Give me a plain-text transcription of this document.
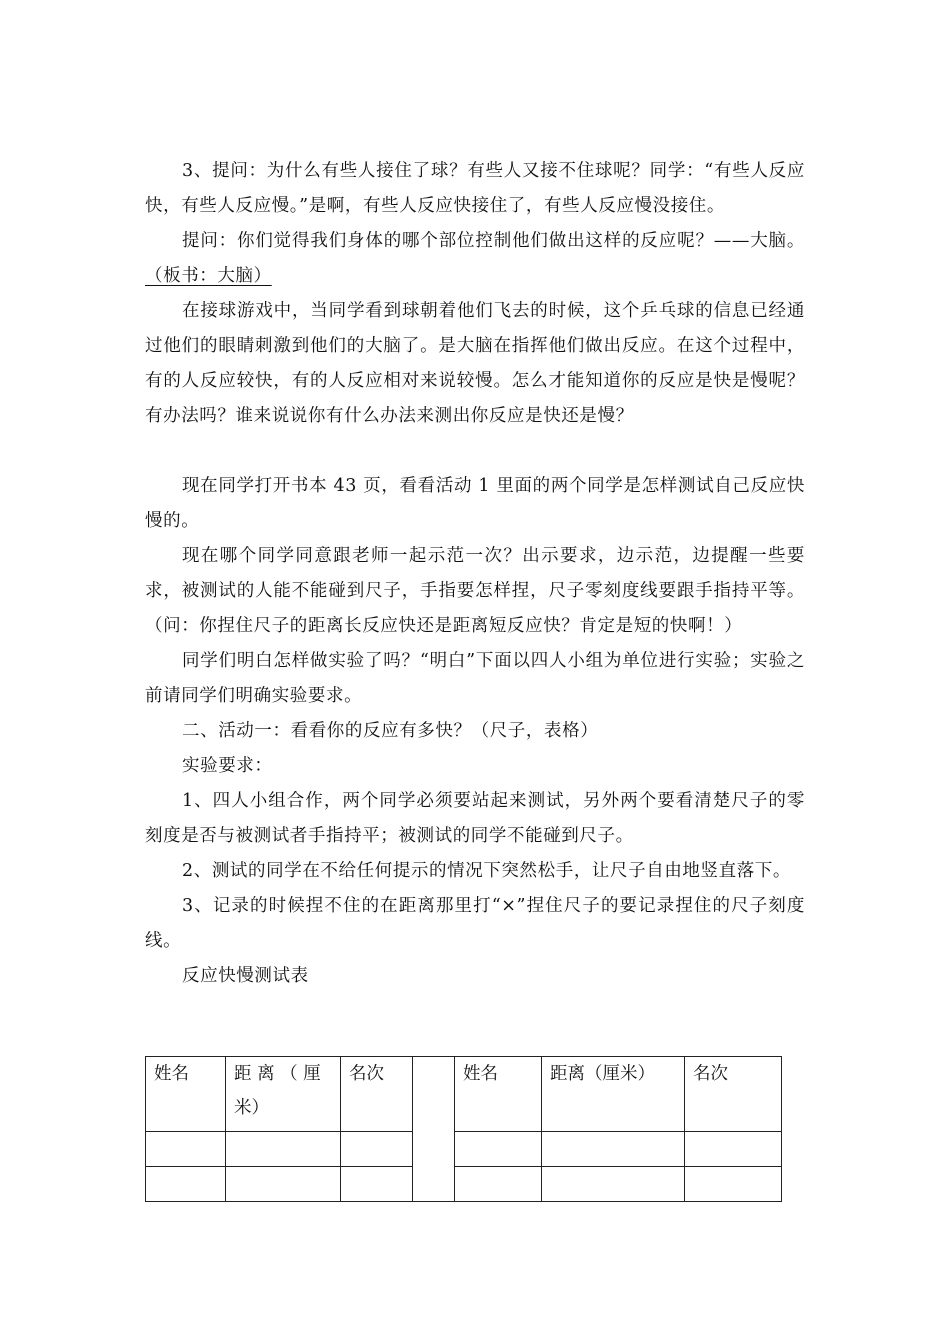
3、提问：为什么有些人接住了球？有些人又接不住球呢？同学：“有些人反应快，有些人反应慢。”是啊，有些人反应快接住了，有些人反应慢没接住。

提问：你们觉得我们身体的哪个部位控制他们做出这样的反应呢？——大脑。（板书：大脑）

在接球游戏中，当同学看到球朝着他们飞去的时候，这个乒乓球的信息已经通过他们的眼睛刺激到他们的大脑了。是大脑在指挥他们做出反应。在这个过程中，有的人反应较快，有的人反应相对来说较慢。怎么才能知道你的反应是快是慢呢？有办法吗？谁来说说你有什么办法来测出你反应是快还是慢？

现在同学打开书本 43 页，看看活动 1 里面的两个同学是怎样测试自己反应快慢的。

现在哪个同学同意跟老师一起示范一次？出示要求，边示范，边提醒一些要求，被测试的人能不能碰到尺子，手指要怎样捏，尺子零刻度线要跟手指持平等。（问：你捏住尺子的距离长反应快还是距离短反应快？肯定是短的快啊！）

同学们明白怎样做实验了吗？“明白”下面以四人小组为单位进行实验；实验之前请同学们明确实验要求。

二、活动一：看看你的反应有多快？（尺子，表格）

实验要求：

1、四人小组合作，两个同学必须要站起来测试，另外两个要看清楚尺子的零刻度是否与被测试者手指持平；被测试的同学不能碰到尺子。

2、测试的同学在不给任何提示的情况下突然松手，让尺子自由地竖直落下。

3、记录的时候捏不住的在距离那里打“×”捏住尺子的要记录捏住的尺子刻度线。

反应快慢测试表

姓名	距 离 （ 厘 米）	名次		姓名	距离（厘米）	名次
